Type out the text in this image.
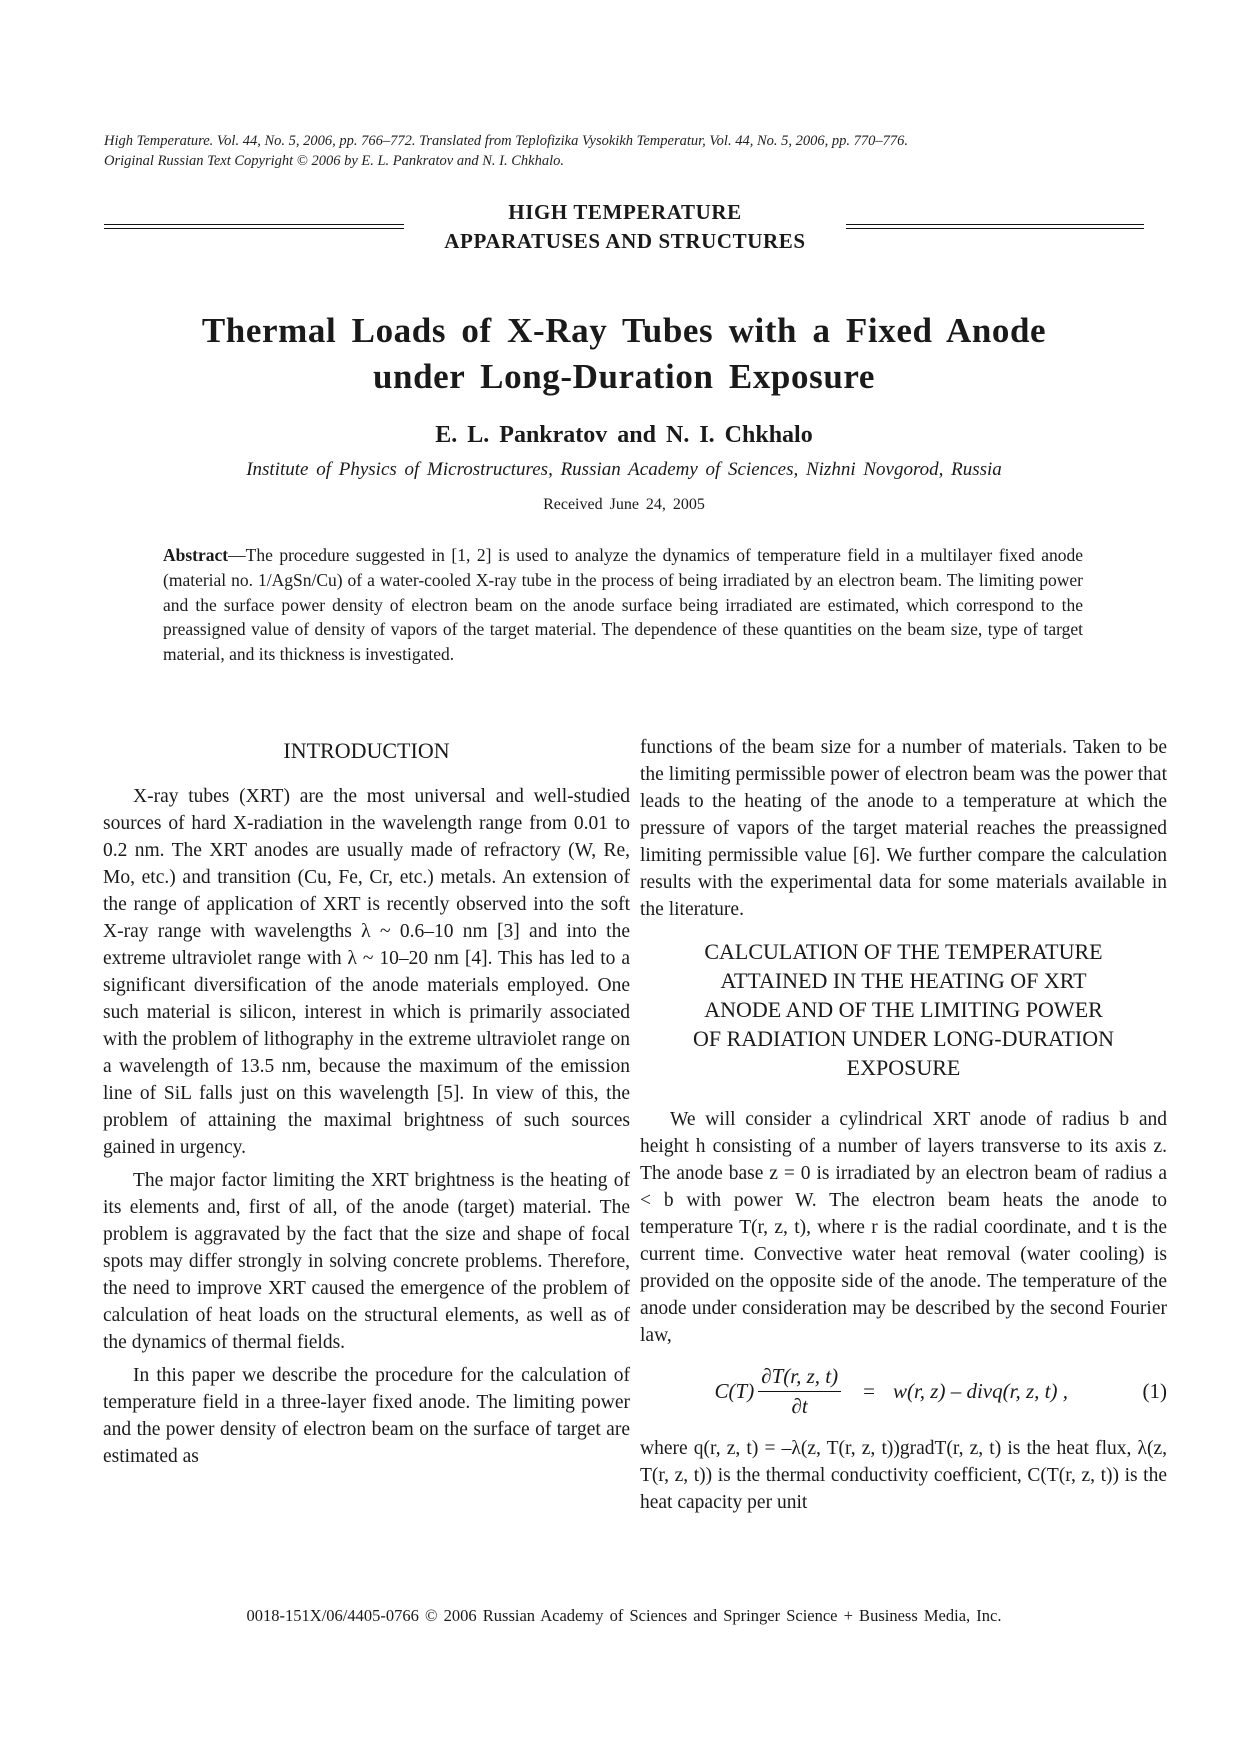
High Temperature. Vol. 44, No. 5, 2006, pp. 766–772. Translated from Teplofizika Vysokikh Temperatur, Vol. 44, No. 5, 2006, pp. 770–776.
Original Russian Text Copyright © 2006 by E. L. Pankratov and N. I. Chkhalo.
HIGH TEMPERATURE
APPARATUSES AND STRUCTURES
Thermal Loads of X-Ray Tubes with a Fixed Anode
under Long-Duration Exposure
E. L. Pankratov and N. I. Chkhalo
Institute of Physics of Microstructures, Russian Academy of Sciences, Nizhni Novgorod, Russia
Received June 24, 2005

Abstract—The procedure suggested in [1, 2] is used to analyze the dynamics of temperature field in a multilayer fixed anode (material no. 1/AgSn/Cu) of a water-cooled X-ray tube in the process of being irradiated by an electron beam. The limiting power and the surface power density of electron beam on the anode surface being irradiated are estimated, which correspond to the preassigned value of density of vapors of the target material. The dependence of these quantities on the beam size, type of target material, and its thickness is investigated.

INTRODUCTION

X-ray tubes (XRT) are the most universal and well-studied sources of hard X-radiation in the wavelength range from 0.01 to 0.2 nm. The XRT anodes are usually made of refractory (W, Re, Mo, etc.) and transition (Cu, Fe, Cr, etc.) metals. An extension of the range of application of XRT is recently observed into the soft X-ray range with wavelengths λ ~ 0.6–10 nm [3] and into the extreme ultraviolet range with λ ~ 10–20 nm [4]. This has led to a significant diversification of the anode materials employed. One such material is silicon, interest in which is primarily associated with the problem of lithography in the extreme ultraviolet range on a wavelength of 13.5 nm, because the maximum of the emission line of SiL falls just on this wavelength [5]. In view of this, the problem of attaining the maximal brightness of such sources gained in urgency.

The major factor limiting the XRT brightness is the heating of its elements and, first of all, of the anode (target) material. The problem is aggravated by the fact that the size and shape of focal spots may differ strongly in solving concrete problems. Therefore, the need to improve XRT caused the emergence of the problem of calculation of heat loads on the structural elements, as well as of the dynamics of thermal fields.

In this paper we describe the procedure for the calculation of temperature field in a three-layer fixed anode. The limiting power and the power density of electron beam on the surface of target are estimated as

functions of the beam size for a number of materials. Taken to be the limiting permissible power of electron beam was the power that leads to the heating of the anode to a temperature at which the pressure of vapors of the target material reaches the preassigned limiting permissible value [6]. We further compare the calculation results with the experimental data for some materials available in the literature.

CALCULATION OF THE TEMPERATURE
ATTAINED IN THE HEATING OF XRT
ANODE AND OF THE LIMITING POWER
OF RADIATION UNDER LONG-DURATION
EXPOSURE

We will consider a cylindrical XRT anode of radius b and height h consisting of a number of layers transverse to its axis z. The anode base z = 0 is irradiated by an electron beam of radius a < b with power W. The electron beam heats the anode to temperature T(r, z, t), where r is the radial coordinate, and t is the current time. Convective water heat removal (water cooling) is provided on the opposite side of the anode. The temperature of the anode under consideration may be described by the second Fourier law,

$C(T) \frac{\partial T(r, z, t)}{\partial t} = w(r$, z) – divq(r, z, t) ,	(1)

where q(r, z, t) = –λ(z, T(r, z, t))gradT(r, z, t) is the heat flux, λ(z, T(r, z, t)) is the thermal conductivity coefficient, C(T(r, z, t)) is the heat capacity per unit

0018-151X/06/4405-0766 © 2006 Russian Academy of Sciences and Springer Science + Business Media, Inc.
